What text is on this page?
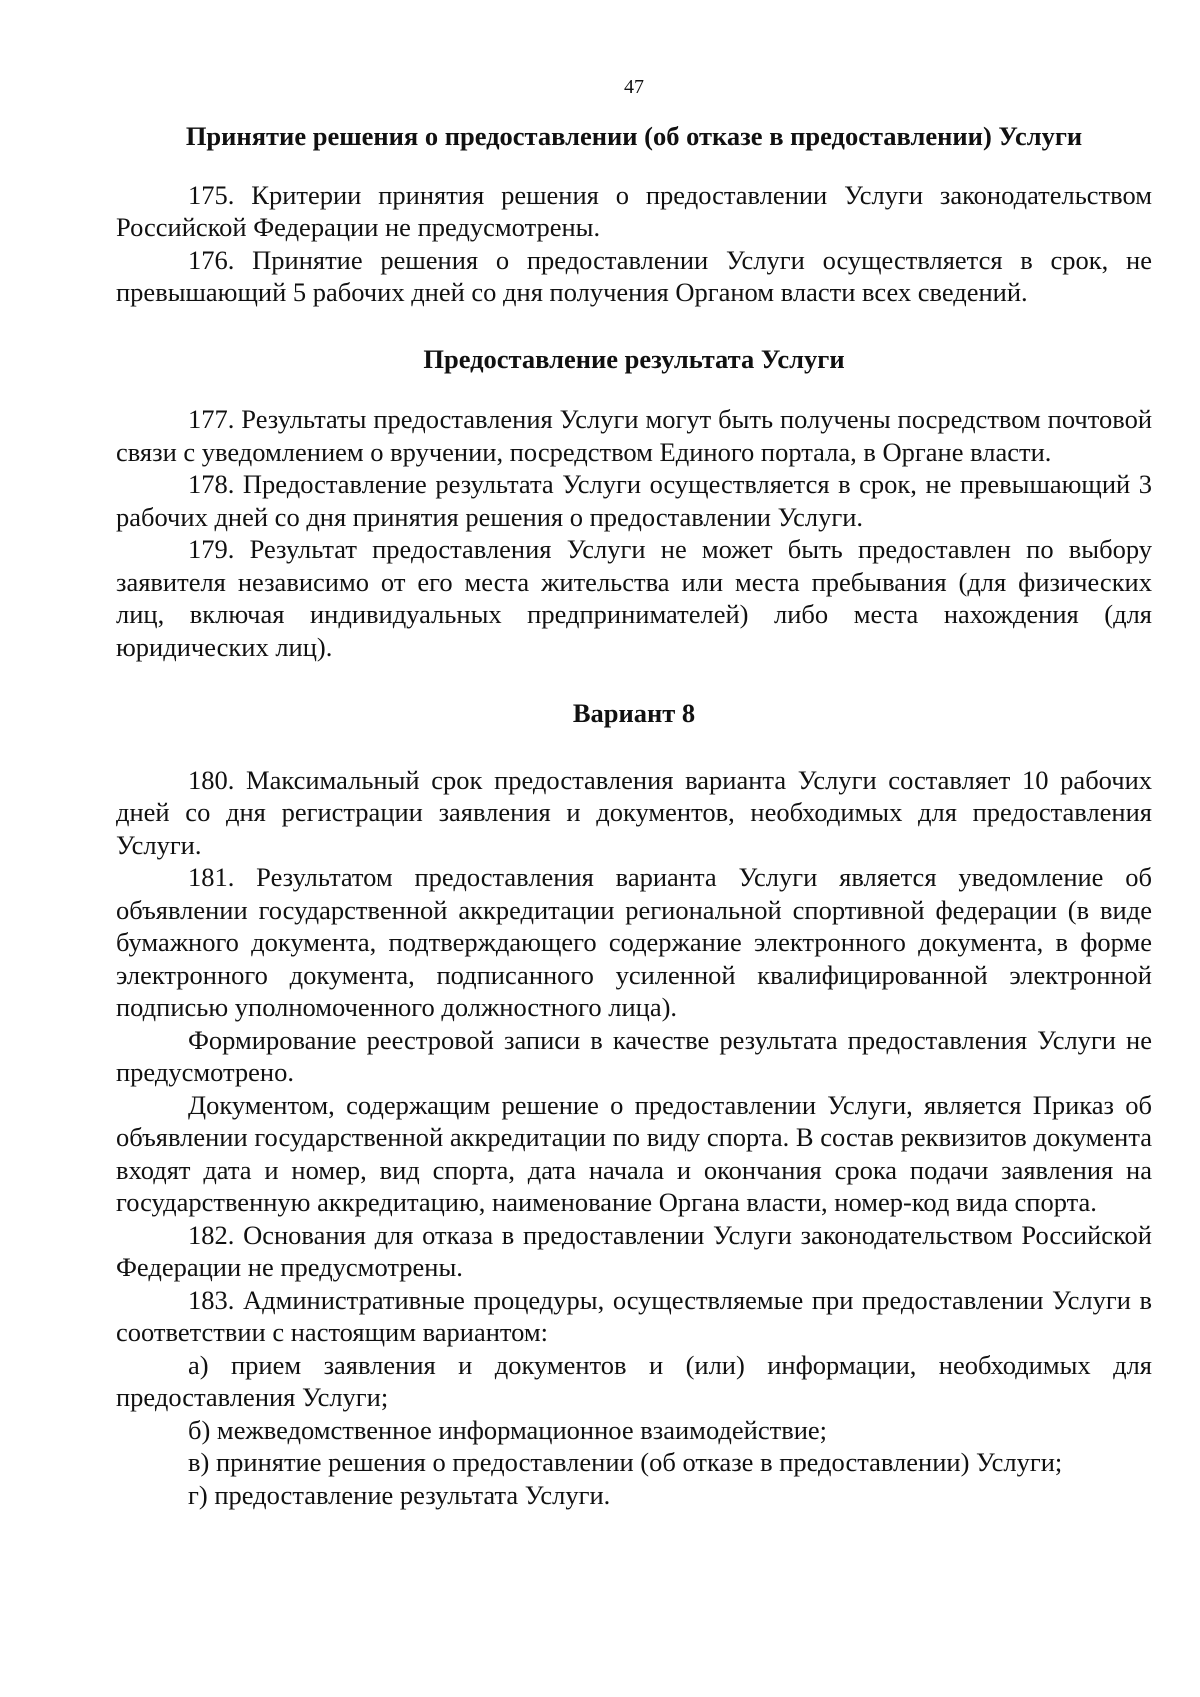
47
Принятие решения о предоставлении (об отказе в предоставлении) Услуги

175. Критерии принятия решения о предоставлении Услуги законодательством Российской Федерации не предусмотрены.

176. Принятие решения о предоставлении Услуги осуществляется в срок, не превышающий 5 рабочих дней со дня получения Органом власти всех сведений.

Предоставление результата Услуги

177. Результаты предоставления Услуги могут быть получены посредством почтовой связи с уведомлением о вручении, посредством Единого портала, в Органе власти.

178. Предоставление результата Услуги осуществляется в срок, не превышающий 3 рабочих дней со дня принятия решения о предоставлении Услуги.

179. Результат предоставления Услуги не может быть предоставлен по выбору заявителя независимо от его места жительства или места пребывания (для физических лиц, включая индивидуальных предпринимателей) либо места нахождения (для юридических лиц).

Вариант 8

180. Максимальный срок предоставления варианта Услуги составляет 10 рабочих дней со дня регистрации заявления и документов, необходимых для предоставления Услуги.

181. Результатом предоставления варианта Услуги является уведомление об объявлении государственной аккредитации региональной спортивной федерации (в виде бумажного документа, подтверждающего содержание электронного документа, в форме электронного документа, подписанного усиленной квалифицированной электронной подписью уполномоченного должностного лица).

Формирование реестровой записи в качестве результата предоставления Услуги не предусмотрено.

Документом, содержащим решение о предоставлении Услуги, является Приказ об объявлении государственной аккредитации по виду спорта. В состав реквизитов документа входят дата и номер, вид спорта, дата начала и окончания срока подачи заявления на государственную аккредитацию, наименование Органа власти, номер-код вида спорта.

182. Основания для отказа в предоставлении Услуги законодательством Российской Федерации не предусмотрены.

183. Административные процедуры, осуществляемые при предоставлении Услуги в соответствии с настоящим вариантом:

а) прием заявления и документов и (или) информации, необходимых для предоставления Услуги;

б) межведомственное информационное взаимодействие;

в) принятие решения о предоставлении (об отказе в предоставлении) Услуги;

г) предоставление результата Услуги.
